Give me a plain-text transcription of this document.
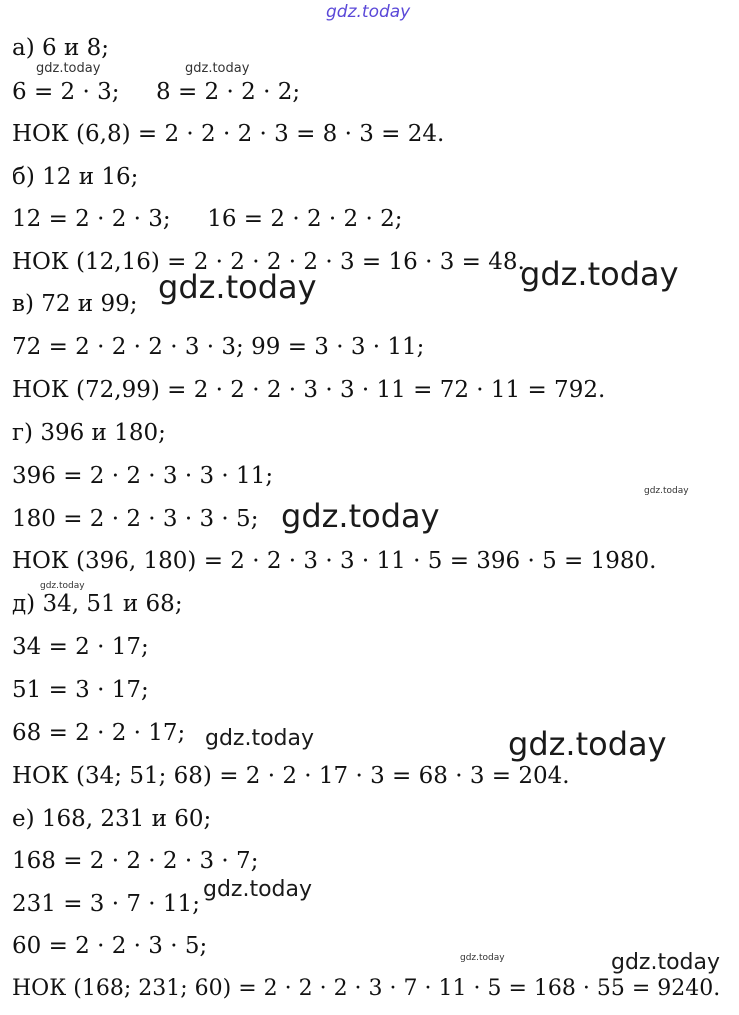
gdz.today
gdz.today	gdz.today
gdz.today
gdz.today
gdz.today
gdz.today
gdz.today
gdz.today	gdz.today
gdz.today
gdz.today	gdz.today
а) 6 и 8;
6 = 2 · 3;     8 = 2 · 2 · 2;
НОК (6,8) = 2 · 2 · 2 · 3 = 8 · 3 = 24.
б) 12 и 16;
12 = 2 · 2 · 3;     16 = 2 · 2 · 2 · 2;
НОК (12,16) = 2 · 2 · 2 · 2 · 3 = 16 · 3 = 48.
в) 72 и 99;
72 = 2 · 2 · 2 · 3 · 3; 99 = 3 · 3 · 11;
НОК (72,99) = 2 · 2 · 2 · 3 · 3 · 11 = 72 · 11 = 792.
г) 396 и 180;
396 = 2 · 2 · 3 · 3 · 11;
180 = 2 · 2 · 3 · 3 · 5;
НОК (396, 180) = 2 · 2 · 3 · 3 · 11 · 5 = 396 · 5 = 1980.
д) 34, 51 и 68;
34 = 2 · 17;
51 = 3 · 17;
68 = 2 · 2 · 17;
НОК (34; 51; 68) = 2 · 2 · 17 · 3 = 68 · 3 = 204.
е) 168, 231 и 60;
168 = 2 · 2 · 2 · 3 · 7;
231 = 3 · 7 · 11;
60 = 2 · 2 · 3 · 5;
НОК (168; 231; 60) = 2 · 2 · 2 · 3 · 7 · 11 · 5 = 168 · 55 = 9240.
